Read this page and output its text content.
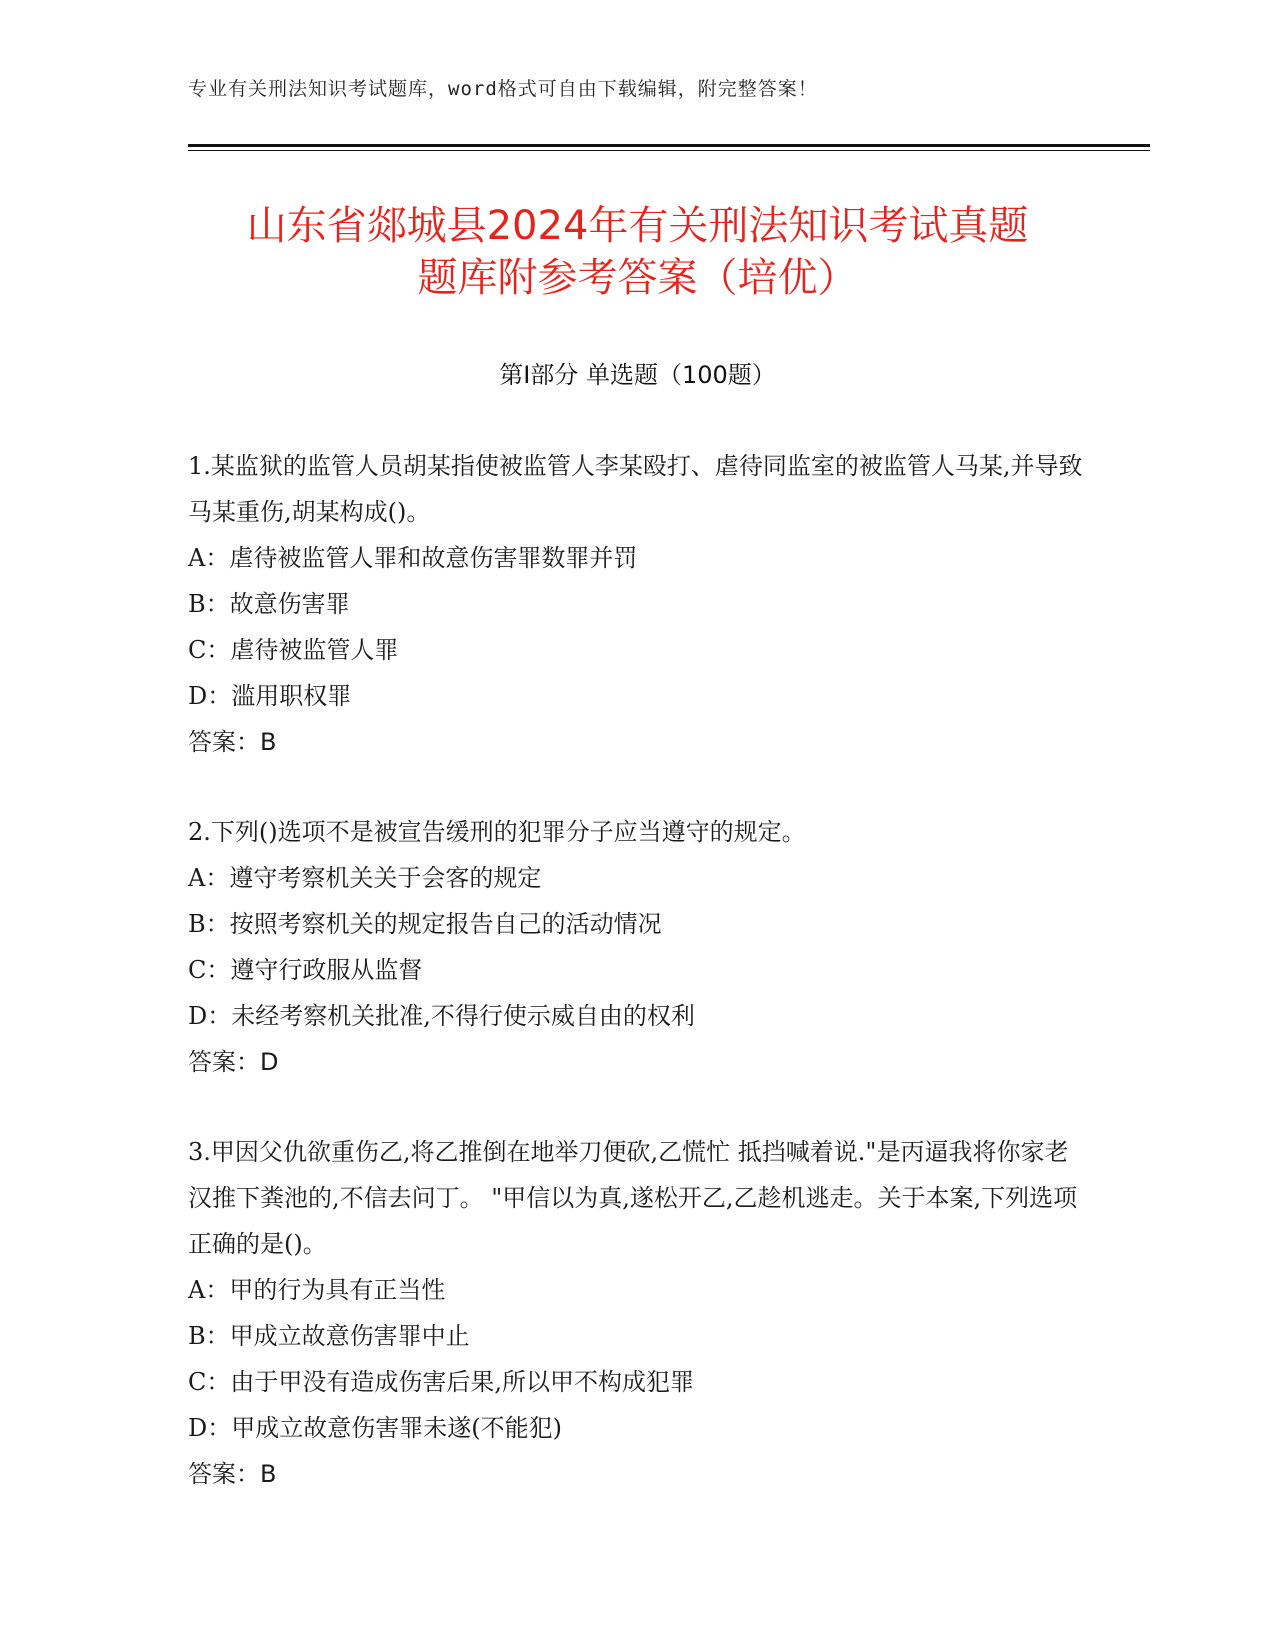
专业有关刑法知识考试题库，word格式可自由下载编辑，附完整答案！
山东省郯城县2024年有关刑法知识考试真题
题库附参考答案（培优）
第Ⅰ部分 单选题（100题）

1.某监狱的监管人员胡某指使被监管人李某殴打、虐待同监室的被监管人马某,并导致马某重伤,胡某构成()。

A：虐待被监管人罪和故意伤害罪数罪并罚

B：故意伤害罪

C：虐待被监管人罪

D：滥用职权罪

答案：B

2.下列()选项不是被宣告缓刑的犯罪分子应当遵守的规定。

A：遵守考察机关关于会客的规定

B：按照考察机关的规定报告自己的活动情况

C：遵守行政服从监督

D：未经考察机关批准,不得行使示威自由的权利

答案：D

3.甲因父仇欲重伤乙,将乙推倒在地举刀便砍,乙慌忙 抵挡喊着说."是丙逼我将你家老汉推下粪池的,不信去问丁。 "甲信以为真,遂松开乙,乙趁机逃走。关于本案,下列选项正确的是()。

A：甲的行为具有正当性

B：甲成立故意伤害罪中止

C：由于甲没有造成伤害后果,所以甲不构成犯罪

D：甲成立故意伤害罪未遂(不能犯)

答案：B
